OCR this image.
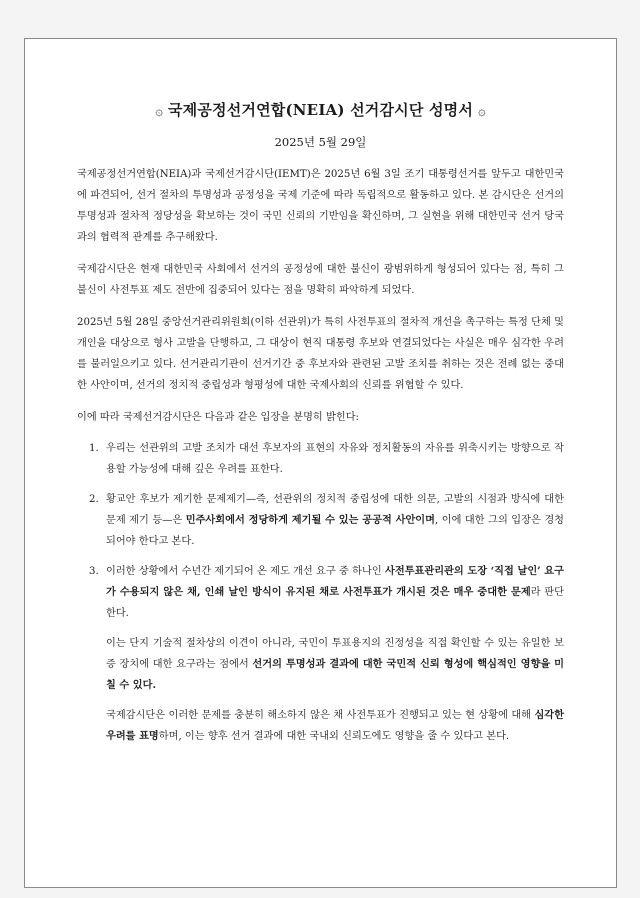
۞ 국제공정선거연합(NEIA) 선거감시단 성명서 ۞
2025년 5월 29일

국제공정선거연합(NEIA)과 국제선거감시단(IEMT)은 2025년 6월 3일 조기 대통령선거를 앞두고 대한민국에 파견되어, 선거 절차의 투명성과 공정성을 국제 기준에 따라 독립적으로 활동하고 있다. 본 감시단은 선거의 투명성과 절차적 정당성을 확보하는 것이 국민 신뢰의 기반임을 확신하며, 그 실현을 위해 대한민국 선거 당국과의 협력적 관계를 추구해왔다.

국제감시단은 현재 대한민국 사회에서 선거의 공정성에 대한 불신이 광범위하게 형성되어 있다는 점, 특히 그 불신이 사전투표 제도 전반에 집중되어 있다는 점을 명확히 파악하게 되었다.

2025년 5월 28일 중앙선거관리위원회(이하 선관위)가 특히 사전투표의 절차적 개선을 촉구하는 특정 단체 및 개인을 대상으로 형사 고발을 단행하고, 그 대상이 현직 대통령 후보와 연결되었다는 사실은 매우 심각한 우려를 불러일으키고 있다. 선거관리기관이 선거기간 중 후보자와 관련된 고발 조치를 취하는 것은 전례 없는 중대한 사안이며, 선거의 정치적 중립성과 형평성에 대한 국제사회의 신뢰를 위협할 수 있다.

이에 따라 국제선거감시단은 다음과 같은 입장을 분명히 밝힌다:

1. 우리는 선관위의 고발 조치가 대선 후보자의 표현의 자유와 정치활동의 자유를 위축시키는 방향으로 작용할 가능성에 대해 깊은 우려를 표한다.
2. 황교안 후보가 제기한 문제제기—즉, 선관위의 정치적 중립성에 대한 의문, 고발의 시점과 방식에 대한 문제 제기 등—은 민주사회에서 정당하게 제기될 수 있는 공공적 사안이며, 이에 대한 그의 입장은 경청되어야 한다고 본다.
3. 이러한 상황에서 수년간 제기되어 온 제도 개선 요구 중 하나인 사전투표관리관의 도장 ‘직접 날인’ 요구가 수용되지 않은 채, 인쇄 날인 방식이 유지된 채로 사전투표가 개시된 것은 매우 중대한 문제라 판단한다.

이는 단지 기술적 절차상의 이견이 아니라, 국민이 투표용지의 진정성을 직접 확인할 수 있는 유일한 보증 장치에 대한 요구라는 점에서 선거의 투명성과 결과에 대한 국민적 신뢰 형성에 핵심적인 영향을 미칠 수 있다.

국제감시단은 이러한 문제를 충분히 해소하지 않은 채 사전투표가 진행되고 있는 현 상황에 대해 심각한 우려를 표명하며, 이는 향후 선거 결과에 대한 국내외 신뢰도에도 영향을 줄 수 있다고 본다.
